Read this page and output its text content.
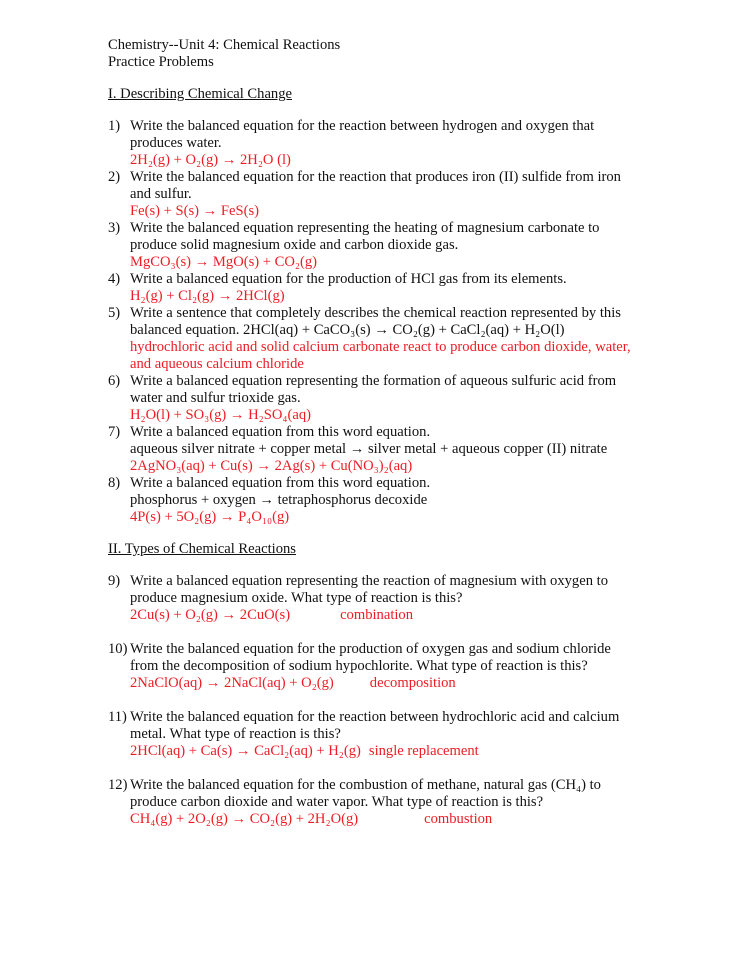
Chemistry--Unit 4: Chemical Reactions
Practice Problems
I. Describing Chemical Change
1) Write the balanced equation for the reaction between hydrogen and oxygen that
produces water.
2H₂(g) + O₂(g) → 2H₂O (l)
2) Write the balanced equation for the reaction that produces iron (II) sulfide from iron
and sulfur.
Fe(s) + S(s) → FeS(s)
3) Write the balanced equation representing the heating of magnesium carbonate to
produce solid magnesium oxide and carbon dioxide gas.
MgCO₃(s) → MgO(s) + CO₂(g)
4) Write a balanced equation for the production of HCl gas from its elements.
H₂(g) + Cl₂(g) → 2HCl(g)
5) Write a sentence that completely describes the chemical reaction represented by this
balanced equation. 2HCl(aq) + CaCO₃(s) → CO₂(g) + CaCl₂(aq) + H₂O(l)
hydrochloric acid and solid calcium carbonate react to produce carbon dioxide, water,
and aqueous calcium chloride
6) Write a balanced equation representing the formation of aqueous sulfuric acid from
water and sulfur trioxide gas.
H₂O(l) + SO₃(g) → H₂SO₄(aq)
7) Write a balanced equation from this word equation.
aqueous silver nitrate + copper metal → silver metal + aqueous copper (II) nitrate
2AgNO₃(aq) + Cu(s) → 2Ag(s) + Cu(NO₃)₂(aq)
8) Write a balanced equation from this word equation.
phosphorus + oxygen → tetraphosphorus decoxide
4P(s) + 5O₂(g) → P₄O₁₀(g)
II. Types of Chemical Reactions
9) Write a balanced equation representing the reaction of magnesium with oxygen to
produce magnesium oxide. What type of reaction is this?
2Cu(s) + O₂(g) → 2CuO(s)	combination
10) Write the balanced equation for the production of oxygen gas and sodium chloride
from the decomposition of sodium hypochlorite. What type of reaction is this?
2NaClO(aq) → 2NaCl(aq) + O₂(g) decomposition
11) Write the balanced equation for the reaction between hydrochloric acid and calcium
metal. What type of reaction is this?
2HCl(aq) + Ca(s) → CaCl₂(aq) + H₂(g) single replacement
12) Write the balanced equation for the combustion of methane, natural gas (CH₄) to
produce carbon dioxide and water vapor. What type of reaction is this?
CH₄(g) + 2O₂(g) → CO₂(g) + 2H₂O(g)	combustion
